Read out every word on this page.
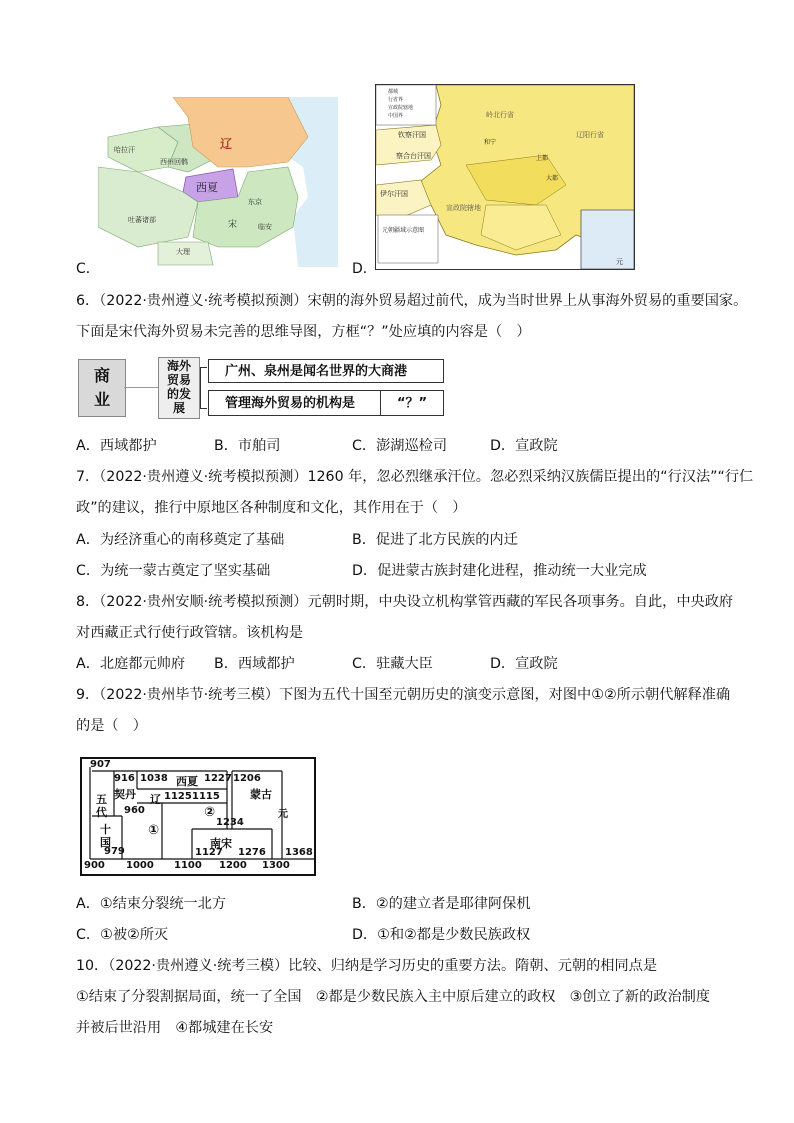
辽
西夏
哈拉汗
西州回鹘
吐蕃诸部
东京
临安
宋
大理
C．
都城
行省界
宣政院辖地
中国界
钦察汗国
察合台汗国
伊尔汗国
和宁
上都
大都
岭北行省
辽阳行省
宣政院辖地
元
元朝疆域示意图
D．
6．（2022·贵州遵义·统考模拟预测）宋朝的海外贸易超过前代，成为当时世界上从事海外贸易的重要国家。
下面是宋代海外贸易未完善的思维导图，方框“？”处应填的内容是（　）
商业
海外贸易的发展
广州、泉州是闻名世界的大商港
管理海外贸易的机构是	“？”
A．西域都护	B．市舶司	C．澎湖巡检司	D．宣政院
7．（2022·贵州遵义·统考模拟预测）1260 年，忽必烈继承汗位。忽必烈采纳汉族儒臣提出的“行汉法”“行仁
政”的建议，推行中原地区各种制度和文化，其作用在于（　）
A．为经济重心的南移奠定了基础	B．促进了北方民族的内迁
C．为统一蒙古奠定了坚实基础	D．促进蒙古族封建化进程，推动统一大业完成
8．（2022·贵州安顺·统考模拟预测）元朝时期，中央设立机构掌管西藏的军民各项事务。自此，中央政府
对西藏正式行使行政管辖。该机构是
A．北庭都元帅府 B．西域都护	C．驻藏大臣	D．宣政院
9．（2022·贵州毕节·统考三模）下图为五代十国至元朝历史的演变示意图，对图中①②所示朝代解释准确
的是（　）
907
916
契丹
1038 西夏 1227 1206
蒙古
五代
辽 1125 1115
②	元
960
十国
①
1234
南宋
979	1127 1276 1368
900 1000 1100 1200 1300
A．①结束分裂统一北方	B．②的建立者是耶律阿保机
C．①被②所灭	D．①和②都是少数民族政权
10．（2022·贵州遵义·统考三模）比较、归纳是学习历史的重要方法。隋朝、元朝的相同点是
①结束了分裂割据局面，统一了全国　②都是少数民族入主中原后建立的政权　③创立了新的政治制度
并被后世沿用　④都城建在长安
